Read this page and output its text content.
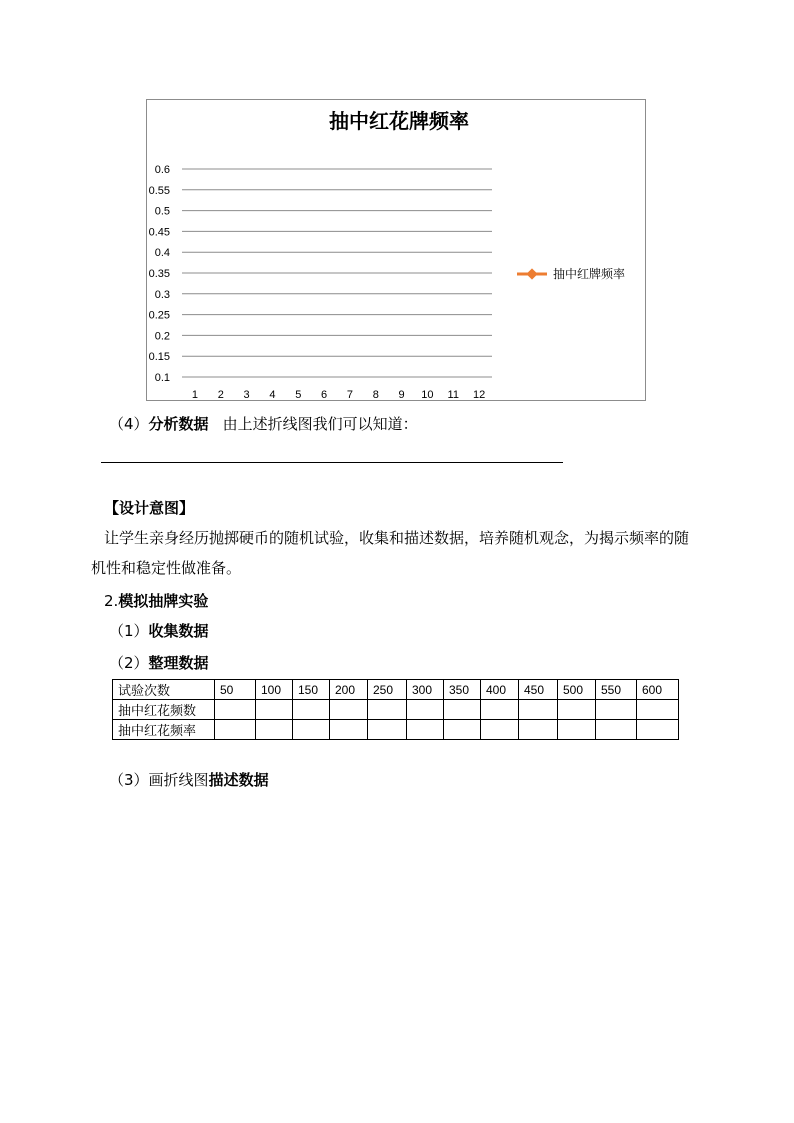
抽中红花牌频率
0.1
0.15
0.2
0.25
0.3
0.35
0.4
0.45
0.5
0.55
0.6
1 2 3 4 5 6 7 8 9 10 11 12
抽中红牌频率
（4）分析数据 由上述折线图我们可以知道：
【设计意图】
让学生亲身经历抛掷硬币的随机试验，收集和描述数据，培养随机观念，为揭示频率的随
机性和稳定性做准备。
2.模拟抽牌实验
（1）收集数据
（2）整理数据
试验次数	50	100	150	200	250	300	350	400	450	500	550	600
抽中红花频数												
抽中红花频率												
（3）画折线图描述数据
